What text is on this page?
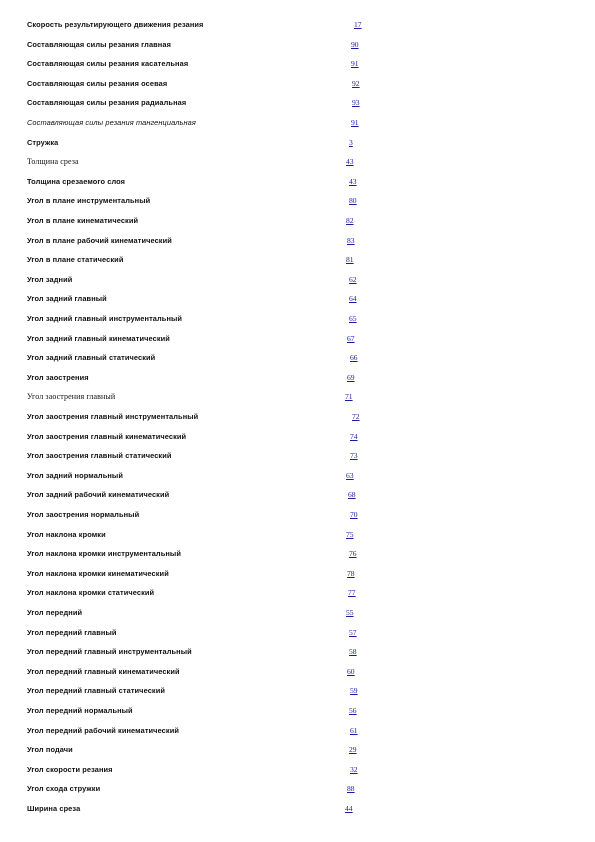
Скорость результирующего движения резания	17
Составляющая силы резания главная	90
Составляющая силы резания касательная	91
Составляющая силы резания осевая	92
Составляющая силы резания радиальная	93
Составляющая силы резания тангенциальная	91
Стружка	3
Толщина среза	43
Толщина срезаемого слоя	43
Угол в плане инструментальный	80
Угол в плане кинематический	82
Угол в плане рабочий кинематический	83
Угол в плане статический	81
Угол задний	62
Угол задний главный	64
Угол задний главный инструментальный	65
Угол задний главный кинематический	67
Угол задний главный статический	66
Угол заострения	69
Угол заострения главный	71
Угол заострения главный инструментальный	72
Угол заострения главный кинематический	74
Угол заострения главный статический	73
Угол задний нормальный	63
Угол задний рабочий кинематический	68
Угол заострения нормальный	70
Угол наклона кромки	75
Угол наклона кромки инструментальный	76
Угол наклона кромки кинематический	78
Угол наклона кромки статический	77
Угол передний	55
Угол передний главный	57
Угол передний главный инструментальный	58
Угол передний главный кинематический	60
Угол передний главный статический	59
Угол передний нормальный	56
Угол передний рабочий кинематический	61
Угол подачи	29
Угол скорости резания	32
Угол схода стружки	88
Ширина среза	44
